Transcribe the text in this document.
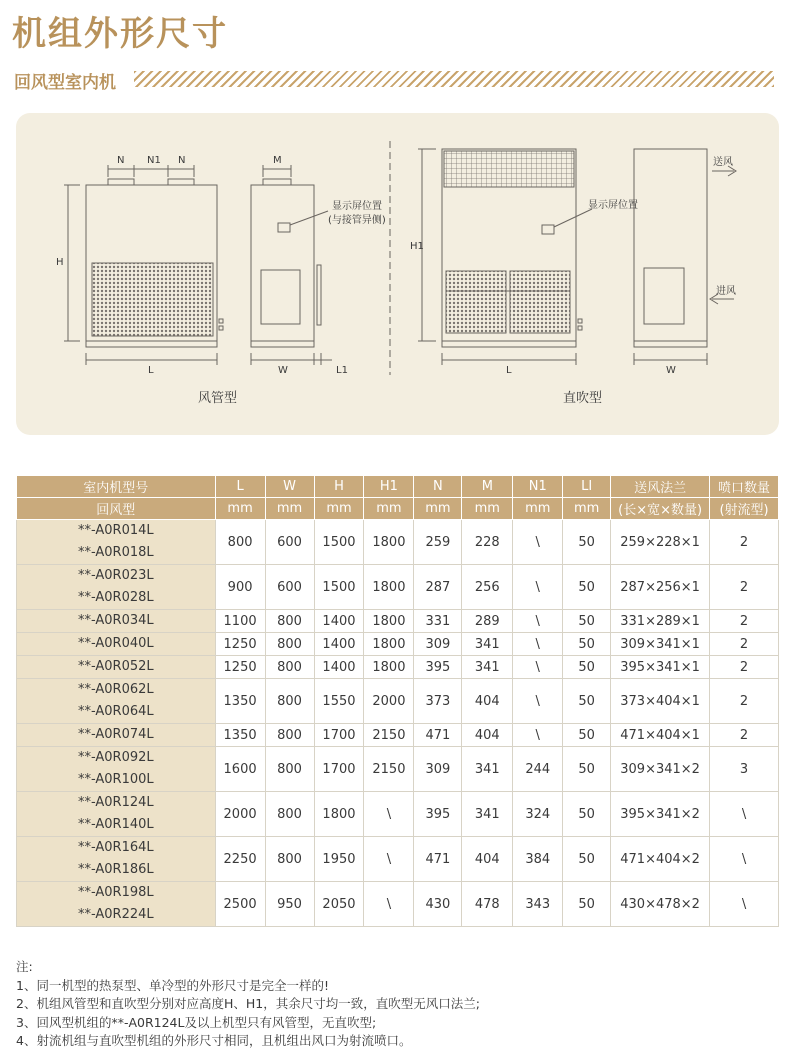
机组外形尺寸
回风型室内机
N N1 N
H
L
M
W	L1
显示屏位置
(与接管异侧)
H1
L
显示屏位置
W
送风
进风
风管型	直吹型
室内机型号	L	W	H	H1	N	M	N1	LI	送风法兰	喷口数量
回风型	mm	mm	mm	mm	mm	mm	mm	mm	(长×宽×数量)	(射流型)

**-A0R014L
**-A0R018L	800	600	1500	1800	259	228	\	50	259×228×1	2

**-A0R023L
**-A0R028L	900	600	1500	1800	287	256	\	50	287×256×1	2

**-A0R034L	1100	800	1400	1800	331	289	\	50	331×289×1	2

**-A0R040L	1250	800	1400	1800	309	341	\	50	309×341×1	2

**-A0R052L	1250	800	1400	1800	395	341	\	50	395×341×1	2

**-A0R062L
**-A0R064L	1350	800	1550	2000	373	404	\	50	373×404×1	2

**-A0R074L	1350	800	1700	2150	471	404	\	50	471×404×1	2

**-A0R092L
**-A0R100L	1600	800	1700	2150	309	341	244	50	309×341×2	3

**-A0R124L
**-A0R140L	2000	800	1800	\	395	341	324	50	395×341×2	\

**-A0R164L
**-A0R186L	2250	800	1950	\	471	404	384	50	471×404×2	\

**-A0R198L
**-A0R224L	2500	950	2050	\	430	478	343	50	430×478×2	\
注:
1、同一机型的热泵型、单冷型的外形尺寸是完全一样的!
2、机组风管型和直吹型分别对应高度H、H1，其余尺寸均一致，直吹型无风口法兰;
3、回风型机组的**-A0R124L及以上机型只有风管型，无直吹型;
4、射流机组与直吹型机组的外形尺寸相同，且机组出风口为射流喷口。
